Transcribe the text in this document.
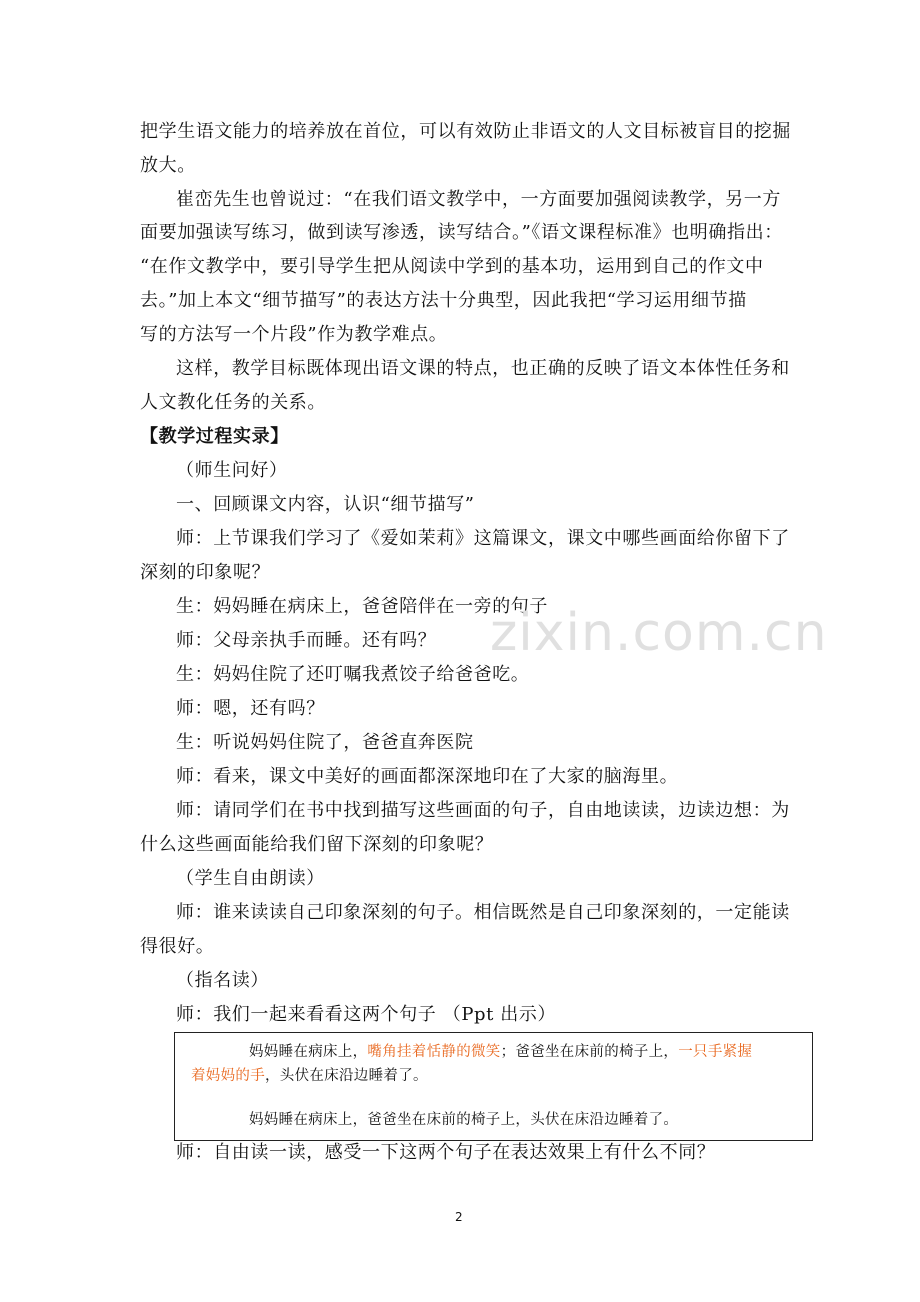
把学生语文能力的培养放在首位，可以有效防止非语文的人文目标被盲目的挖掘
放大。
崔峦先生也曾说过：“在我们语文教学中，一方面要加强阅读教学，另一方
面要加强读写练习，做到读写渗透，读写结合。”《语文课程标准》也明确指出：
“在作文教学中，要引导学生把从阅读中学到的基本功，运用到自己的作文中
去。”加上本文“细节描写”的表达方法十分典型，因此我把“学习运用细节描
写的方法写一个片段”作为教学难点。
这样，教学目标既体现出语文课的特点，也正确的反映了语文本体性任务和
人文教化任务的关系。
【教学过程实录】
（师生问好）
一、回顾课文内容，认识“细节描写”
师：上节课我们学习了《爱如茉莉》这篇课文，课文中哪些画面给你留下了
深刻的印象呢？
生：妈妈睡在病床上，爸爸陪伴在一旁的句子
师：父母亲执手而睡。还有吗？
生：妈妈住院了还叮嘱我煮饺子给爸爸吃。
师：嗯，还有吗？
生：听说妈妈住院了，爸爸直奔医院
师：看来，课文中美好的画面都深深地印在了大家的脑海里。
师：请同学们在书中找到描写这些画面的句子，自由地读读，边读边想：为
什么这些画面能给我们留下深刻的印象呢？
（学生自由朗读）
师：谁来读读自己印象深刻的句子。相信既然是自己印象深刻的，一定能读
得很好。
（指名读）
师：我们一起来看看这两个句子 （Ppt 出示）
妈妈睡在病床上，嘴角挂着恬静的微笑；爸爸坐在床前的椅子上，一只手紧握
着妈妈的手，头伏在床沿边睡着了。
妈妈睡在病床上，爸爸坐在床前的椅子上，头伏在床沿边睡着了。
师：自由读一读，感受一下这两个句子在表达效果上有什么不同？
zixin.com.cn
2
